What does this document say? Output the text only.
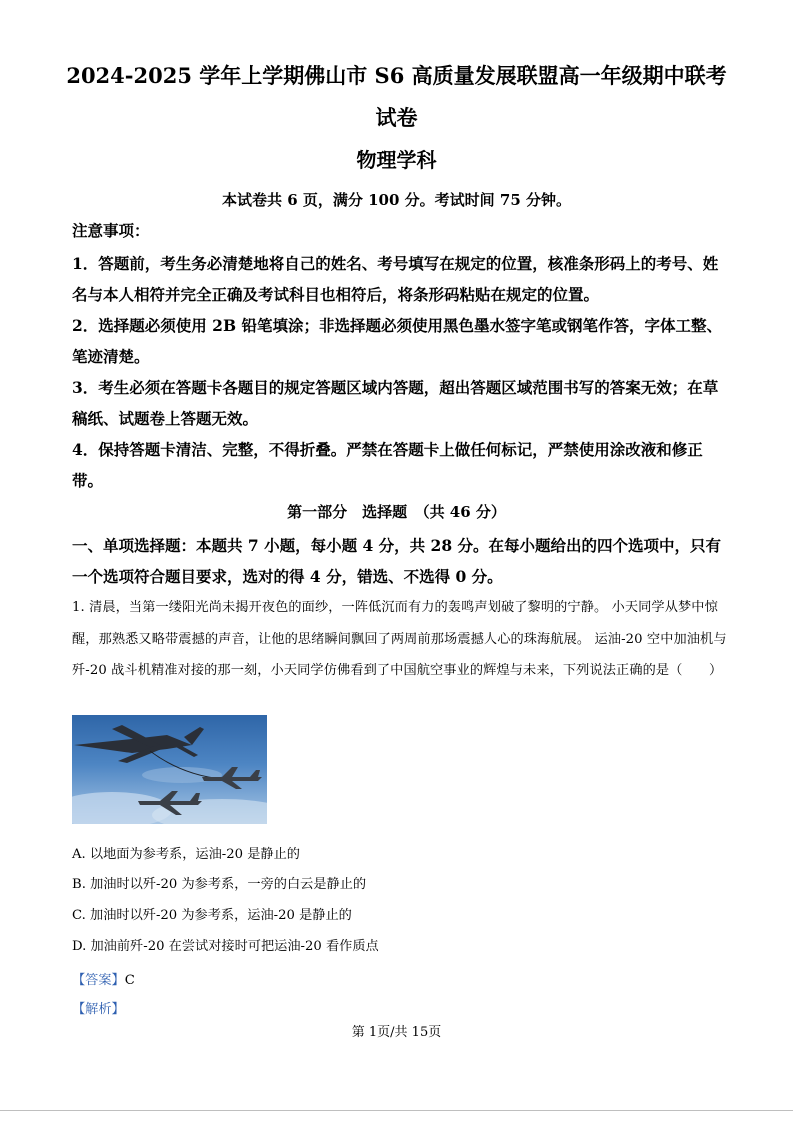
2024-2025 学年上学期佛山市 S6 高质量发展联盟高一年级期中联考
试卷
物理学科
本试卷共 6 页，满分 100 分。考试时间 75 分钟。
注意事项：
1．答题前，考生务必清楚地将自己的姓名、考号填写在规定的位置，核准条形码上的考号、姓名与本人相符并完全正确及考试科目也相符后，将条形码粘贴在规定的位置。
2．选择题必须使用 2B 铅笔填涂；非选择题必须使用黑色墨水签字笔或钢笔作答，字体工整、笔迹清楚。
3．考生必须在答题卡各题目的规定答题区域内答题，超出答题区域范围书写的答案无效；在草稿纸、试题卷上答题无效。
4．保持答题卡清洁、完整，不得折叠。严禁在答题卡上做任何标记，严禁使用涂改液和修正带。
第一部分　选择题　（共 46 分）
一、单项选择题：本题共 7 小题，每小题 4 分，共 28 分。在每小题给出的四个选项中，只有一个选项符合题目要求，选对的得 4 分，错选、不选得 0 分。
1. 清晨，当第一缕阳光尚未揭开夜色的面纱，一阵低沉而有力的轰鸣声划破了黎明的宁静。 小天同学从梦中惊醒，那熟悉又略带震撼的声音，让他的思绪瞬间飘回了两周前那场震撼人心的珠海航展。 运油-20 空中加油机与歼-20 战斗机精准对接的那一刻，小天同学仿佛看到了中国航空事业的辉煌与未来，下列说法正确的是（　　）
A. 以地面为参考系，运油-20 是静止的
B. 加油时以歼-20 为参考系，一旁的白云是静止的
C. 加油时以歼-20 为参考系，运油-20 是静止的
D. 加油前歼-20 在尝试对接时可把运油-20 看作质点
【答案】C
【解析】
第 1页/共 15页
